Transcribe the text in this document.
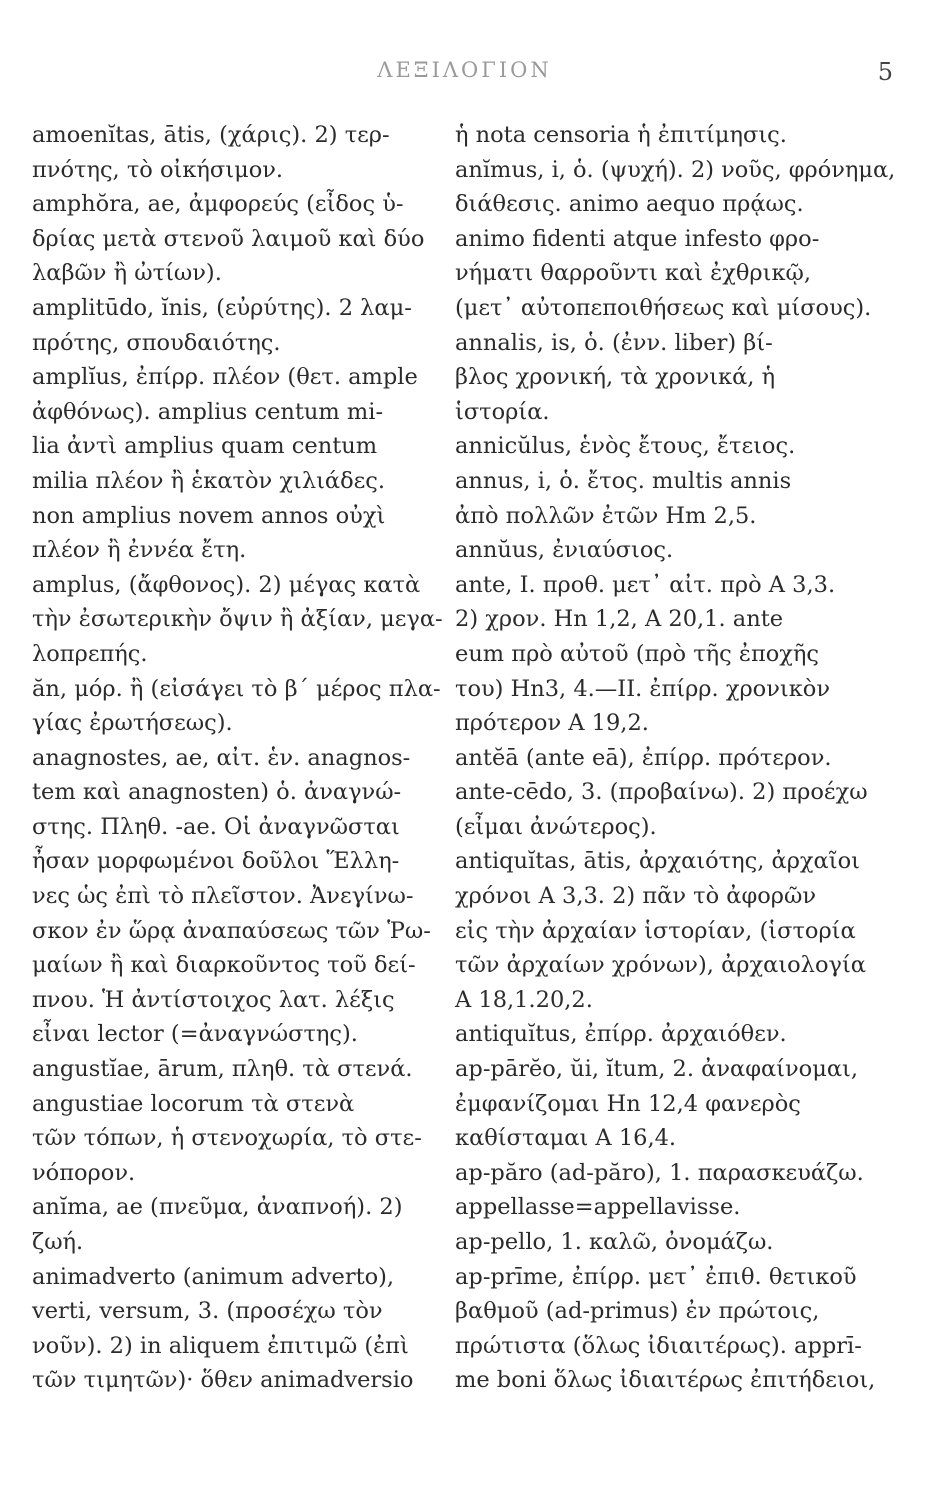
ΛΕΞΙΛΟΓΙΟΝ	5
amoenĭtas, ātis, (χάρις). 2) τερ-
πνότης, τὸ οἰκήσιμον.
amphŏra, ae, ἀμφορεύς (εἶδος ὑ-
δρίας μετὰ στενοῦ λαιμοῦ καὶ δύο
λαβῶν ἢ ὠτίων).
amplitūdo, ĭnis, (εὐρύτης). 2 λαμ-
πρότης, σπουδαιότης.
amplĭus, ἐπίρρ. πλέον (θετ. ample
ἀφθόνως). amplius centum mi-
lia ἀντὶ amplius quam centum
milia πλέον ἢ ἑκατὸν χιλιάδες.
non amplius novem annos οὐχὶ
πλέον ἢ ἐννέα ἔτη.
amplus, (ἄφθονος). 2) μέγας κατὰ
τὴν ἐσωτερικὴν ὄψιν ἢ ἀξίαν, μεγα-
λοπρεπής.
ăn, μόρ. ἢ (εἰσάγει τὸ β΄ μέρος πλα-
γίας ἐρωτήσεως).
anagnostes, ae, αἰτ. ἑν. anagnos-
tem καὶ anagnosten) ὁ. ἀναγνώ-
στης. Πληθ. -ae. Οἱ ἀναγνῶσται
ἦσαν μορφωμένοι δοῦλοι Ἕλλη-
νες ὡς ἐπὶ τὸ πλεῖστον. Ἀνεγίνω-
σκον ἐν ὥρᾳ ἀναπαύσεως τῶν Ῥω-
μαίων ἢ καὶ διαρκοῦντος τοῦ δεί-
πνου. Ἡ ἀντίστοιχος λατ. λέξις
εἶναι lector (=ἀναγνώστης).
angustĭae, ārum, πληθ. τὰ στενά.
angustiae locorum τὰ στενὰ
τῶν τόπων, ἡ στενοχωρία, τὸ στε-
νόπορον.
anĭma, ae (πνεῦμα, ἀναπνοή). 2)
ζωή.
animadverto (animum adverto),
verti, versum, 3. (προσέχω τὸν
νοῦν). 2) in aliquem ἐπιτιμῶ (ἐπὶ
τῶν τιμητῶν)· ὅθεν animadversio
ἡ nota censoria ἡ ἐπιτίμησις.
anĭmus, i, ὁ. (ψυχή). 2) νοῦς, φρόνημα,
διάθεσις. animo aequo πρᾴως.
animo fidenti atque infesto φρο-
νήματι θαρροῦντι καὶ ἐχθρικῷ,
(μετ᾽ αὐτοπεποιθήσεως καὶ μίσους).
annalis, is, ὁ. (ἐνν. liber) βί-
βλος χρονική, τὰ χρονικά, ἡ
ἱστορία.
annicŭlus, ἑνὸς ἔτους, ἔτειος.
annus, i, ὁ. ἔτος. multis annis
ἀπὸ πολλῶν ἐτῶν Hm 2,5.
annŭus, ἐνιαύσιος.
ante, I. προθ. μετ᾽ αἰτ. πρὸ A 3,3.
2) χρον. Hn 1,2, A 20,1. ante
eum πρὸ αὐτοῦ (πρὸ τῆς ἐποχῆς
του) Hn3, 4.—II. ἐπίρρ. χρονικὸν
πρότερον A 19,2.
antĕā (ante eā), ἐπίρρ. πρότερον.
ante-cēdo, 3. (προβαίνω). 2) προέχω
(εἶμαι ἀνώτερος).
antiquĭtas, ātis, ἀρχαιότης, ἀρχαῖοι
χρόνοι A 3,3. 2) πᾶν τὸ ἀφορῶν
εἰς τὴν ἀρχαίαν ἱστορίαν, (ἱστορία
τῶν ἀρχαίων χρόνων), ἀρχαιολογία
A 18,1.20,2.
antiquĭtus, ἐπίρρ. ἀρχαιόθεν.
ap-pārĕo, ŭi, ĭtum, 2. ἀναφαίνομαι,
ἐμφανίζομαι Hn 12,4 φανερὸς
καθίσταμαι A 16,4.
ap-păro (ad-păro), 1. παρασκευάζω.
appellasse=appellavisse.
ap-pello, 1. καλῶ, ὀνομάζω.
ap-prīme, ἐπίρρ. μετ᾽ ἐπιθ. θετικοῦ
βαθμοῦ (ad-primus) ἐν πρώτοις,
πρώτιστα (ὅλως ἰδιαιτέρως). apprī-
me boni ὅλως ἰδιαιτέρως ἐπιτήδειοι,
